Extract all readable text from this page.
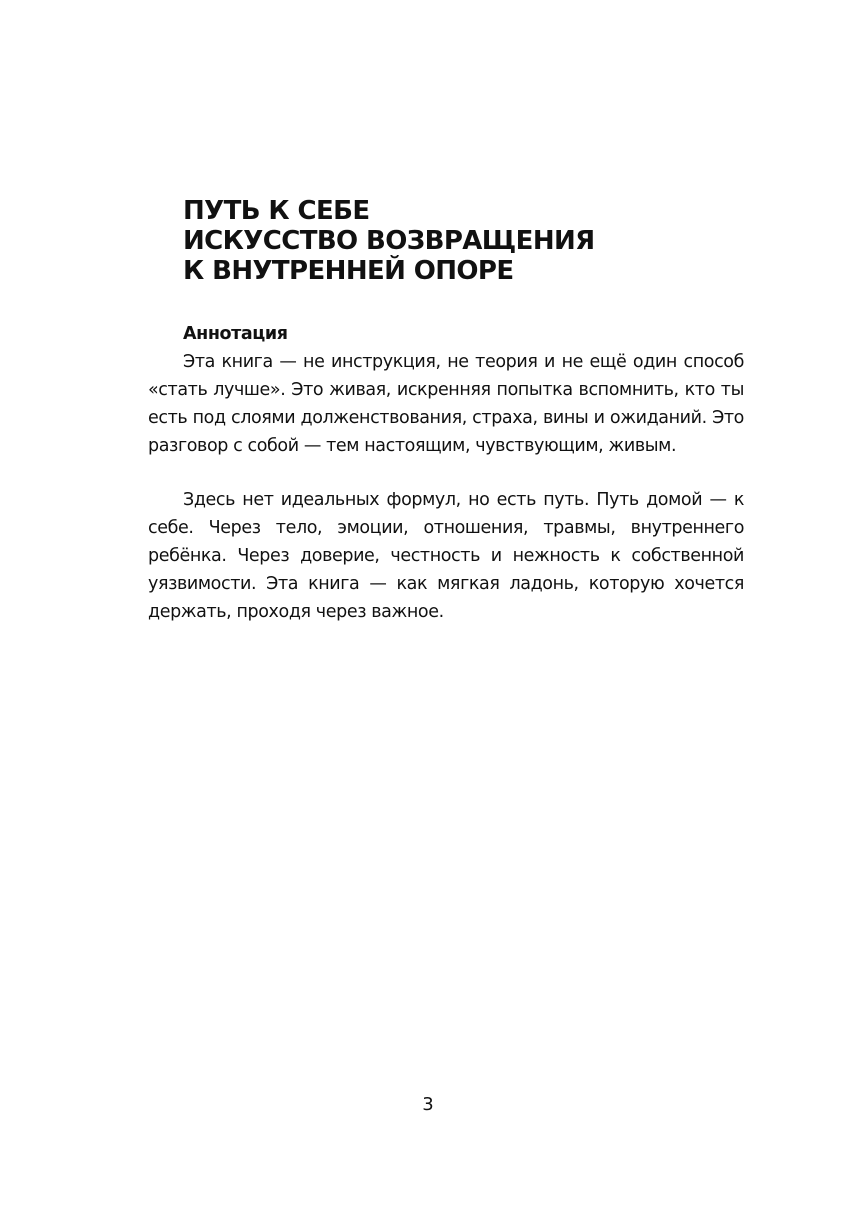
ПУТЬ К СЕБЕ
ИСКУССТВО ВОЗВРАЩЕНИЯ
К ВНУТРЕННЕЙ ОПОРЕ
Аннотация

Эта книга — не инструкция, не теория и не ещё один способ «стать лучше». Это живая, искренняя попытка вспомнить, кто ты есть под слоями долженствования, страха, вины и ожиданий. Это разговор с собой — тем настоящим, чувствующим, живым.

Здесь нет идеальных формул, но есть путь. Путь домой — к себе. Через тело, эмоции, отношения, травмы, внутреннего ребёнка. Через доверие, честность и нежность к собственной уязвимости. Эта книга — как мягкая ладонь, которую хочется держать, проходя через важное.

3
